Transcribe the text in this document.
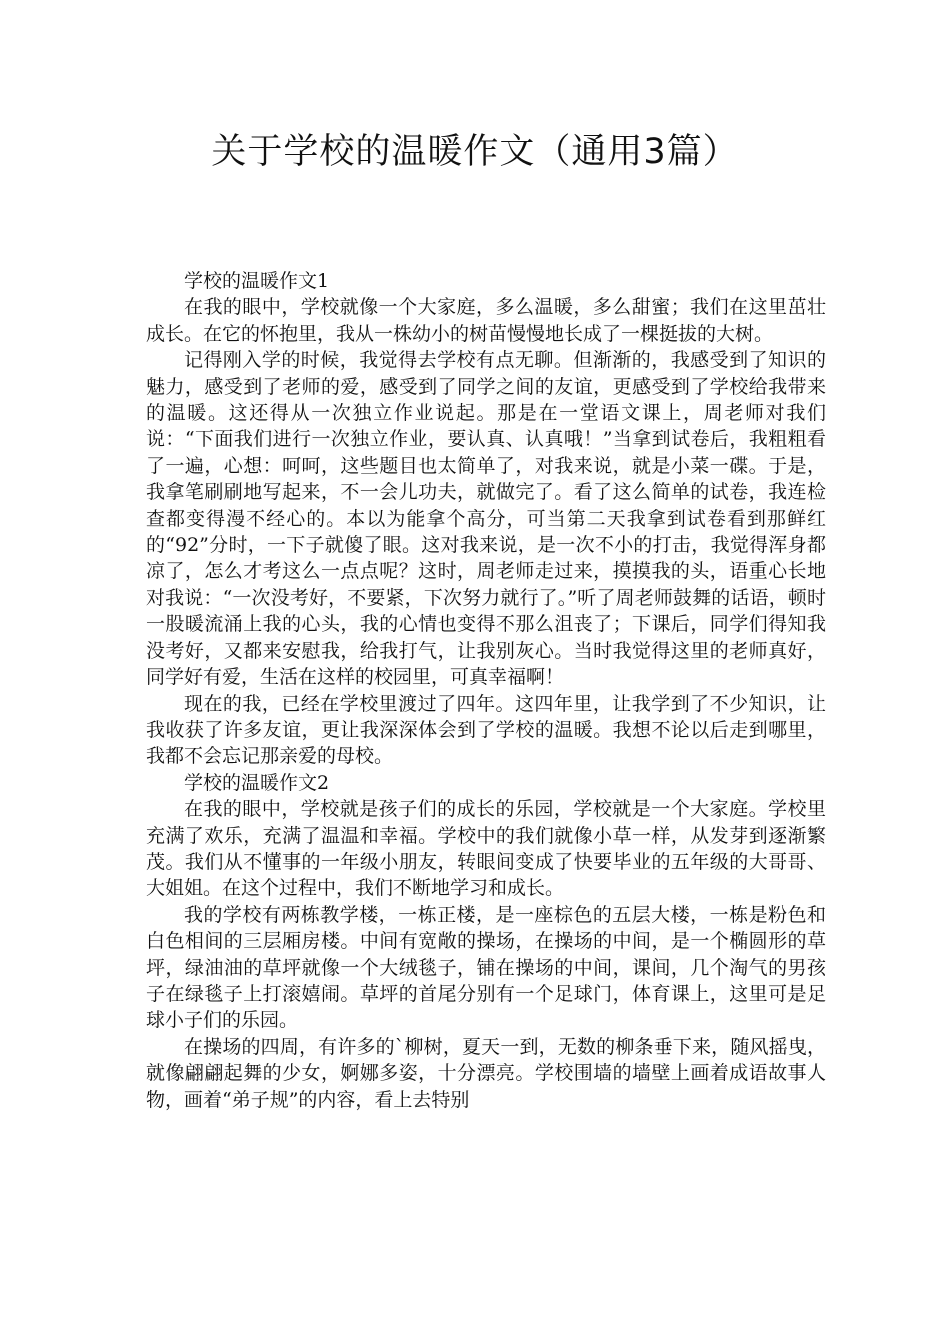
关于学校的温暖作文（通用3篇）

学校的温暖作文1

在我的眼中，学校就像一个大家庭，多么温暖，多么甜蜜；我们在这里茁壮成长。在它的怀抱里，我从一株幼小的树苗慢慢地长成了一棵挺拔的大树。

记得刚入学的时候，我觉得去学校有点无聊。但渐渐的，我感受到了知识的魅力，感受到了老师的爱，感受到了同学之间的友谊，更感受到了学校给我带来的温暖。这还得从一次独立作业说起。那是在一堂语文课上，周老师对我们说：“下面我们进行一次独立作业，要认真、认真哦！”当拿到试卷后，我粗粗看了一遍，心想：呵呵，这些题目也太简单了，对我来说，就是小菜一碟。于是，我拿笔刷刷地写起来，不一会儿功夫，就做完了。看了这么简单的试卷，我连检查都变得漫不经心的。本以为能拿个高分，可当第二天我拿到试卷看到那鲜红的“92”分时，一下子就傻了眼。这对我来说，是一次不小的打击，我觉得浑身都凉了，怎么才考这么一点点呢？这时，周老师走过来，摸摸我的头，语重心长地对我说：“一次没考好，不要紧，下次努力就行了。”听了周老师鼓舞的话语，顿时一股暖流涌上我的心头，我的心情也变得不那么沮丧了；下课后，同学们得知我没考好，又都来安慰我，给我打气，让我别灰心。当时我觉得这里的老师真好，同学好有爱，生活在这样的校园里，可真幸福啊！

现在的我，已经在学校里渡过了四年。这四年里，让我学到了不少知识，让我收获了许多友谊，更让我深深体会到了学校的温暖。我想不论以后走到哪里，我都不会忘记那亲爱的母校。

学校的温暖作文2

在我的眼中，学校就是孩子们的成长的乐园，学校就是一个大家庭。学校里充满了欢乐，充满了温温和幸福。学校中的我们就像小草一样，从发芽到逐渐繁茂。我们从不懂事的一年级小朋友，转眼间变成了快要毕业的五年级的大哥哥、大姐姐。在这个过程中，我们不断地学习和成长。

我的学校有两栋教学楼，一栋正楼，是一座棕色的五层大楼，一栋是粉色和白色相间的三层厢房楼。中间有宽敞的操场，在操场的中间，是一个椭圆形的草坪，绿油油的草坪就像一个大绒毯子，铺在操场的中间，课间，几个淘气的男孩子在绿毯子上打滚嬉闹。草坪的首尾分别有一个足球门，体育课上，这里可是足球小子们的乐园。

在操场的四周，有许多的`柳树，夏天一到，无数的柳条垂下来，随风摇曳，就像翩翩起舞的少女，婀娜多姿，十分漂亮。学校围墙的墙壁上画着成语故事人物，画着“弟子规”的内容，看上去特别
